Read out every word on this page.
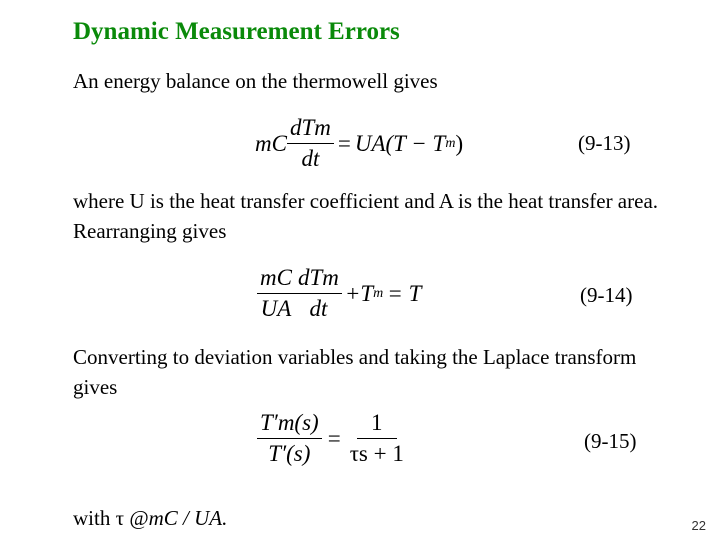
Dynamic Measurement Errors
An energy balance on the thermowell gives
mC $\frac{\text{dTm}}{dt} = UA(T - T$ m )	(9-13)
where U is the heat transfer coefficient and A is the heat transfer area. Rearranging gives
$\frac{mC}{UA} \frac{\text{dTm}}{dt} +T$ m = T	(9-14)
Converting to deviation variables and taking the Laplace transform gives
$\frac{T'm(s)}{T'(s)} = \frac{1}{\tau s + 1}$	(9-15)
with τ @mC / UA.	22
